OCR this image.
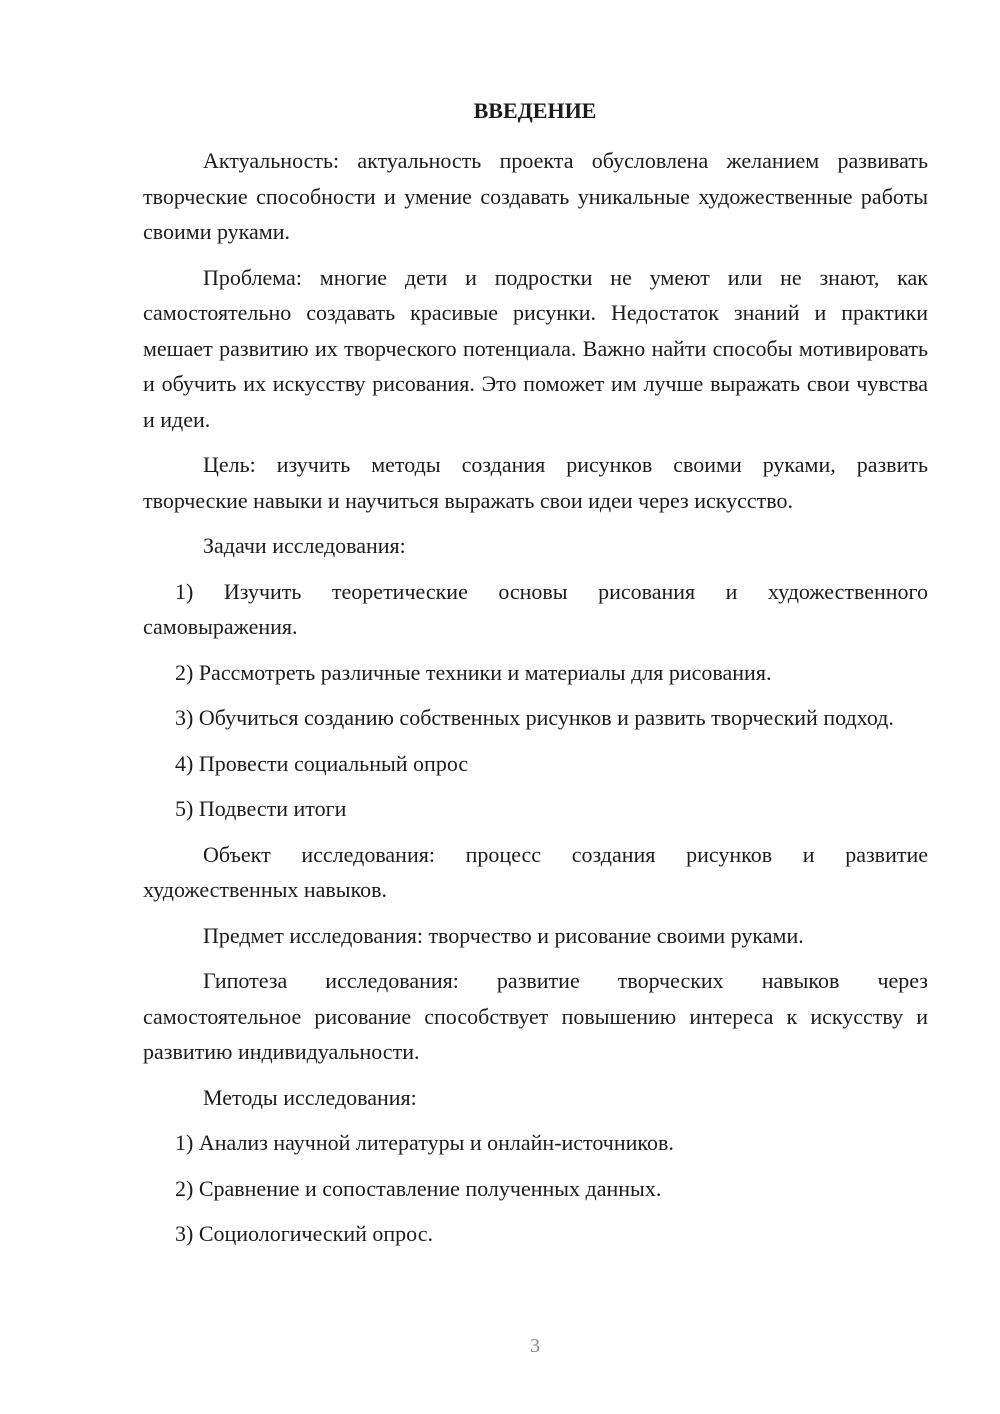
ВВЕДЕНИЕ

Актуальность: актуальность проекта обусловлена желанием развивать творческие способности и умение создавать уникальные художественные работы своими руками.

Проблема: многие дети и подростки не умеют или не знают, как самостоятельно создавать красивые рисунки. Недостаток знаний и практики мешает развитию их творческого потенциала. Важно найти способы мотивировать и обучить их искусству рисования. Это поможет им лучше выражать свои чувства и идеи.

Цель: изучить методы создания рисунков своими руками, развить творческие навыки и научиться выражать свои идеи через искусство.

Задачи исследования:

1) Изучить теоретические основы рисования и художественного самовыражения.

2) Рассмотреть различные техники и материалы для рисования.

3) Обучиться созданию собственных рисунков и развить творческий подход.

4) Провести социальный опрос

5) Подвести итоги

Объект исследования: процесс создания рисунков и развитие художественных навыков.

Предмет исследования: творчество и рисование своими руками.

Гипотеза исследования: развитие творческих навыков через самостоятельное рисование способствует повышению интереса к искусству и развитию индивидуальности.

Методы исследования:

1) Анализ научной литературы и онлайн-источников.

2) Сравнение и сопоставление полученных данных.

3) Социологический опрос.

3
